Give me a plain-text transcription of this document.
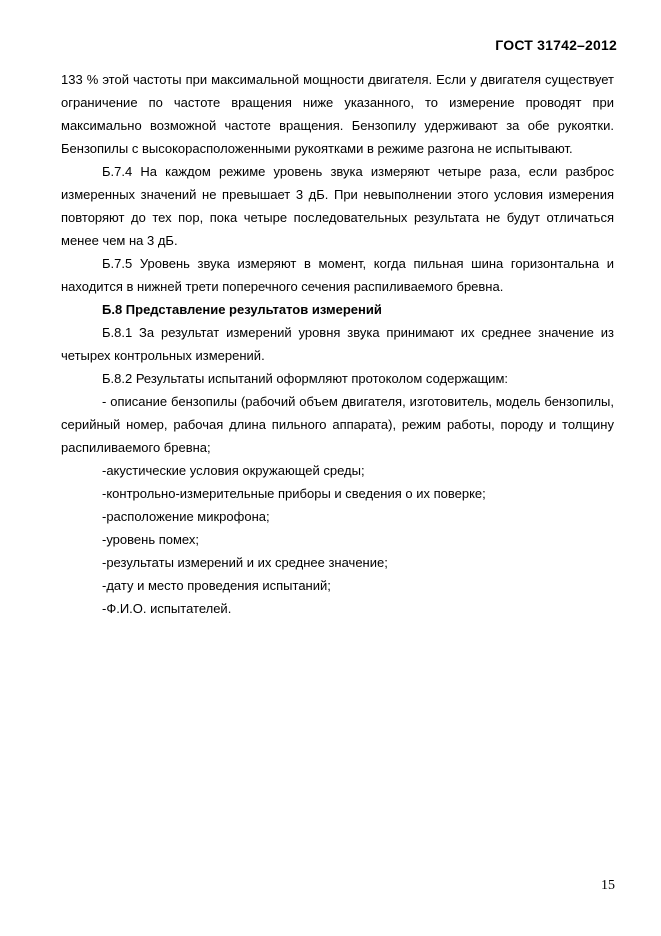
ГОСТ 31742–2012

133 % этой частоты при максимальной мощности двигателя. Если у двигателя существует ограничение по частоте вращения ниже указанного, то измерение проводят при максимально возможной частоте вращения. Бензопилу удерживают за обе рукоятки. Бензопилы с высокорасположенными рукоятками в режиме разгона не испытывают.

Б.7.4 На каждом режиме уровень звука измеряют четыре раза, если разброс измеренных значений не превышает 3 дБ. При невыполнении этого условия измерения повторяют до тех пор, пока четыре последовательных результата не будут отличаться менее чем на 3 дБ.

Б.7.5 Уровень звука измеряют в момент, когда пильная шина горизонтальна и находится в нижней трети поперечного сечения распиливаемого бревна.

Б.8 Представление результатов измерений

Б.8.1 За результат измерений уровня звука принимают их среднее значение из четырех контрольных измерений.

Б.8.2 Результаты испытаний оформляют протоколом содержащим:

- описание бензопилы (рабочий объем двигателя, изготовитель, модель бензопилы, серийный номер, рабочая длина пильного аппарата), режим работы, породу и толщину распиливаемого бревна;

-акустические условия окружающей среды;

-контрольно-измерительные приборы и сведения о их поверке;

-расположение микрофона;

-уровень помех;

-результаты измерений и их среднее значение;

-дату и место проведения испытаний;

-Ф.И.О. испытателей.

15
